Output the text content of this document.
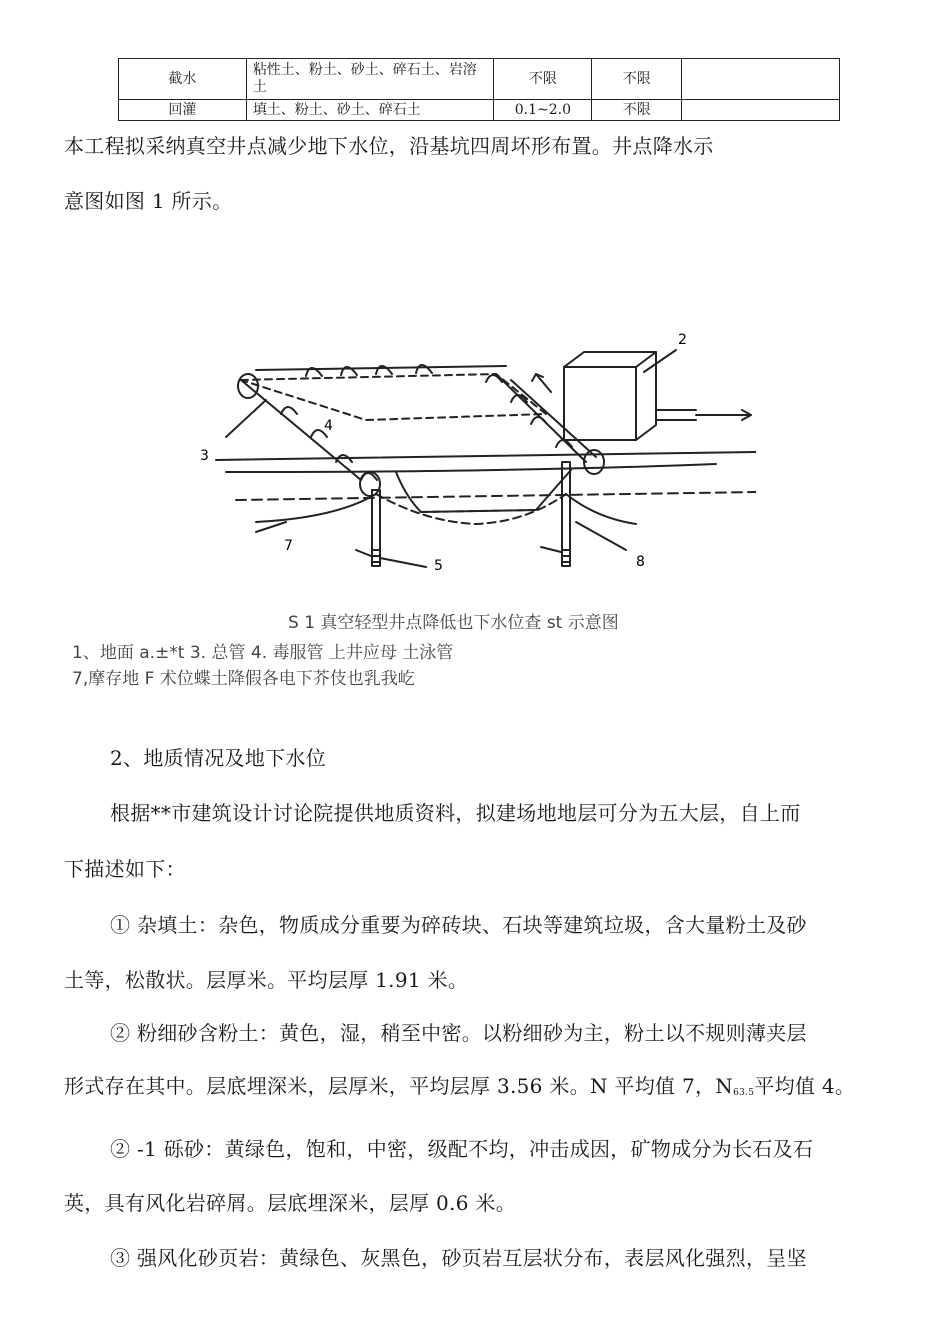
截水	粘性土、粉土、砂土、碎石土、岩溶土	不限	不限	
回灌	填土、粉土、砂土、碎石土	0.1~2.0	不限	
本工程拟采纳真空井点减少地下水位，沿基坑四周坏形布置。井点降水示
意图如图 1 所示。
2
3
4
5
7
8
S 1 真空轻型井点降低也下水位查 st 示意图
1、地面 a.±*t 3. 总管 4. 毒服管 上井应母 土泳管
7,摩存地 F 术位蝶土降假各电下芥伎也乳我屹
2、地质情况及地下水位
根据**市建筑设计讨论院提供地质资料，拟建场地地层可分为五大层，自上而
下描述如下：
① 杂填土：杂色，物质成分重要为碎砖块、石块等建筑垃圾，含大量粉土及砂
土等，松散状。层厚米。平均层厚 1.91 米。
② 粉细砂含粉土：黄色，湿，稍至中密。以粉细砂为主，粉土以不规则薄夹层
形式存在其中。层底埋深米，层厚米，平均层厚 3.56 米。N 平均值 7，$N_{63.5}$平均值 4。
② -1 砾砂：黄绿色，饱和，中密，级配不均，冲击成因，矿物成分为长石及石
英，具有风化岩碎屑。层底埋深米，层厚 0.6 米。
③ 强风化砂页岩：黄绿色、灰黑色，砂页岩互层状分布，表层风化强烈，呈坚
